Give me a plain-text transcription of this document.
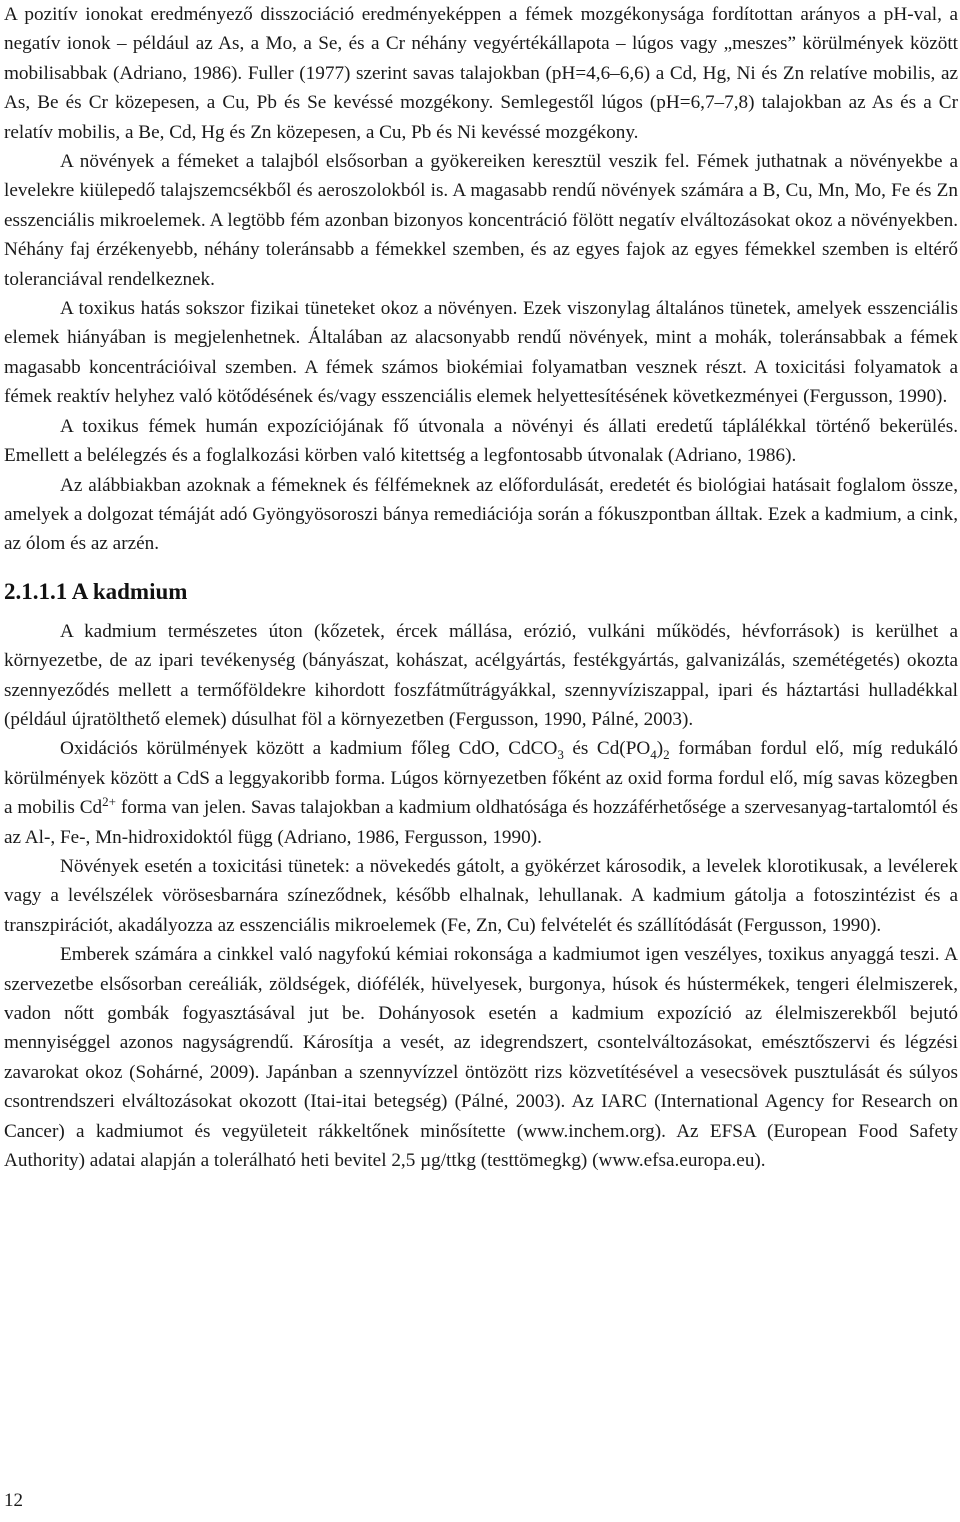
A pozitív ionokat eredményező disszociáció eredményeképpen a fémek mozgékonysága fordítottan arányos a pH-val, a negatív ionok – például az As, a Mo, a Se, és a Cr néhány vegyértékállapota – lúgos vagy „meszes” körülmények között mobilisabbak (Adriano, 1986). Fuller (1977) szerint savas talajokban (pH=4,6–6,6) a Cd, Hg, Ni és Zn relatíve mobilis, az As, Be és Cr közepesen, a Cu, Pb és Se kevéssé mozgékony. Semlegestől lúgos (pH=6,7–7,8) talajokban az As és a Cr relatív mobilis, a Be, Cd, Hg és Zn közepesen, a Cu, Pb és Ni kevéssé mozgékony.

A növények a fémeket a talajból elsősorban a gyökereiken keresztül veszik fel. Fémek juthatnak a növényekbe a levelekre kiülepedő talajszemcsékből és aeroszolokból is. A magasabb rendű növények számára a B, Cu, Mn, Mo, Fe és Zn esszenciális mikroelemek. A legtöbb fém azonban bizonyos koncentráció fölött negatív elváltozásokat okoz a növényekben. Néhány faj érzékenyebb, néhány toleránsabb a fémekkel szemben, és az egyes fajok az egyes fémekkel szemben is eltérő toleranciával rendelkeznek.

A toxikus hatás sokszor fizikai tüneteket okoz a növényen. Ezek viszonylag általános tünetek, amelyek esszenciális elemek hiányában is megjelenhetnek. Általában az alacsonyabb rendű növények, mint a mohák, toleránsabbak a fémek magasabb koncentrációival szemben. A fémek számos biokémiai folyamatban vesznek részt. A toxicitási folyamatok a fémek reaktív helyhez való kötődésének és/vagy esszenciális elemek helyettesítésének következményei (Fergusson, 1990).

A toxikus fémek humán expozíciójának fő útvonala a növényi és állati eredetű táplálékkal történő bekerülés. Emellett a belélegzés és a foglalkozási körben való kitettség a legfontosabb útvonalak (Adriano, 1986).

Az alábbiakban azoknak a fémeknek és félfémeknek az előfordulását, eredetét és biológiai hatásait foglalom össze, amelyek a dolgozat témáját adó Gyöngyösoroszi bánya remediációja során a fókuszpontban álltak. Ezek a kadmium, a cink, az ólom és az arzén.

2.1.1.1 A kadmium

A kadmium természetes úton (kőzetek, ércek mállása, erózió, vulkáni működés, hévforrások) is kerülhet a környezetbe, de az ipari tevékenység (bányászat, kohászat, acélgyártás, festékgyártás, galvanizálás, szemétégetés) okozta szennyeződés mellett a termőföldekre kihordott foszfátműtrágyákkal, szennyvíziszappal, ipari és háztartási hulladékkal (például újratölthető elemek) dúsulhat föl a környezetben (Fergusson, 1990, Pálné, 2003).

Oxidációs körülmények között a kadmium főleg CdO, CdCO$_3$ és $Cd(PO_4)_2$ formában fordul elő, míg redukáló körülmények között a CdS a leggyakoribb forma. Lúgos környezetben főként az oxid forma fordul elő, míg savas közegben a mobilis $Cd^{2+}$ forma van jelen. Savas talajokban a kadmium oldhatósága és hozzáférhetősége a szervesanyag-tartalomtól és az Al-, Fe-, Mn-hidroxidoktól függ (Adriano, 1986, Fergusson, 1990).

Növények esetén a toxicitási tünetek: a növekedés gátolt, a gyökérzet károsodik, a levelek klorotikusak, a levélerek vagy a levélszélek vörösesbarnára színeződnek, később elhalnak, lehullanak. A kadmium gátolja a fotoszintézist és a transzpirációt, akadályozza az esszenciális mikroelemek (Fe, Zn, Cu) felvételét és szállítódását (Fergusson, 1990).

Emberek számára a cinkkel való nagyfokú kémiai rokonsága a kadmiumot igen veszélyes, toxikus anyaggá teszi. A szervezetbe elsősorban cereáliák, zöldségek, diófélék, hüvelyesek, burgonya, húsok és hústermékek, tengeri élelmiszerek, vadon nőtt gombák fogyasztásával jut be. Dohányosok esetén a kadmium expozíció az élelmiszerekből bejutó mennyiséggel azonos nagyságrendű. Károsítja a vesét, az idegrendszert, csontelváltozásokat, emésztőszervi és légzési zavarokat okoz (Sohárné, 2009). Japánban a szennyvízzel öntözött rizs közvetítésével a vesecsövek pusztulását és súlyos csontrendszeri elváltozásokat okozott (Itai-itai betegség) (Pálné, 2003). Az IARC (International Agency for Research on Cancer) a kadmiumot és vegyületeit rákkeltőnek minősítette (www.inchem.org). Az EFSA (European Food Safety Authority) adatai alapján a tolerálható heti bevitel 2,5 µg/ttkg (testtömegkg) (www.efsa.europa.eu).

12
